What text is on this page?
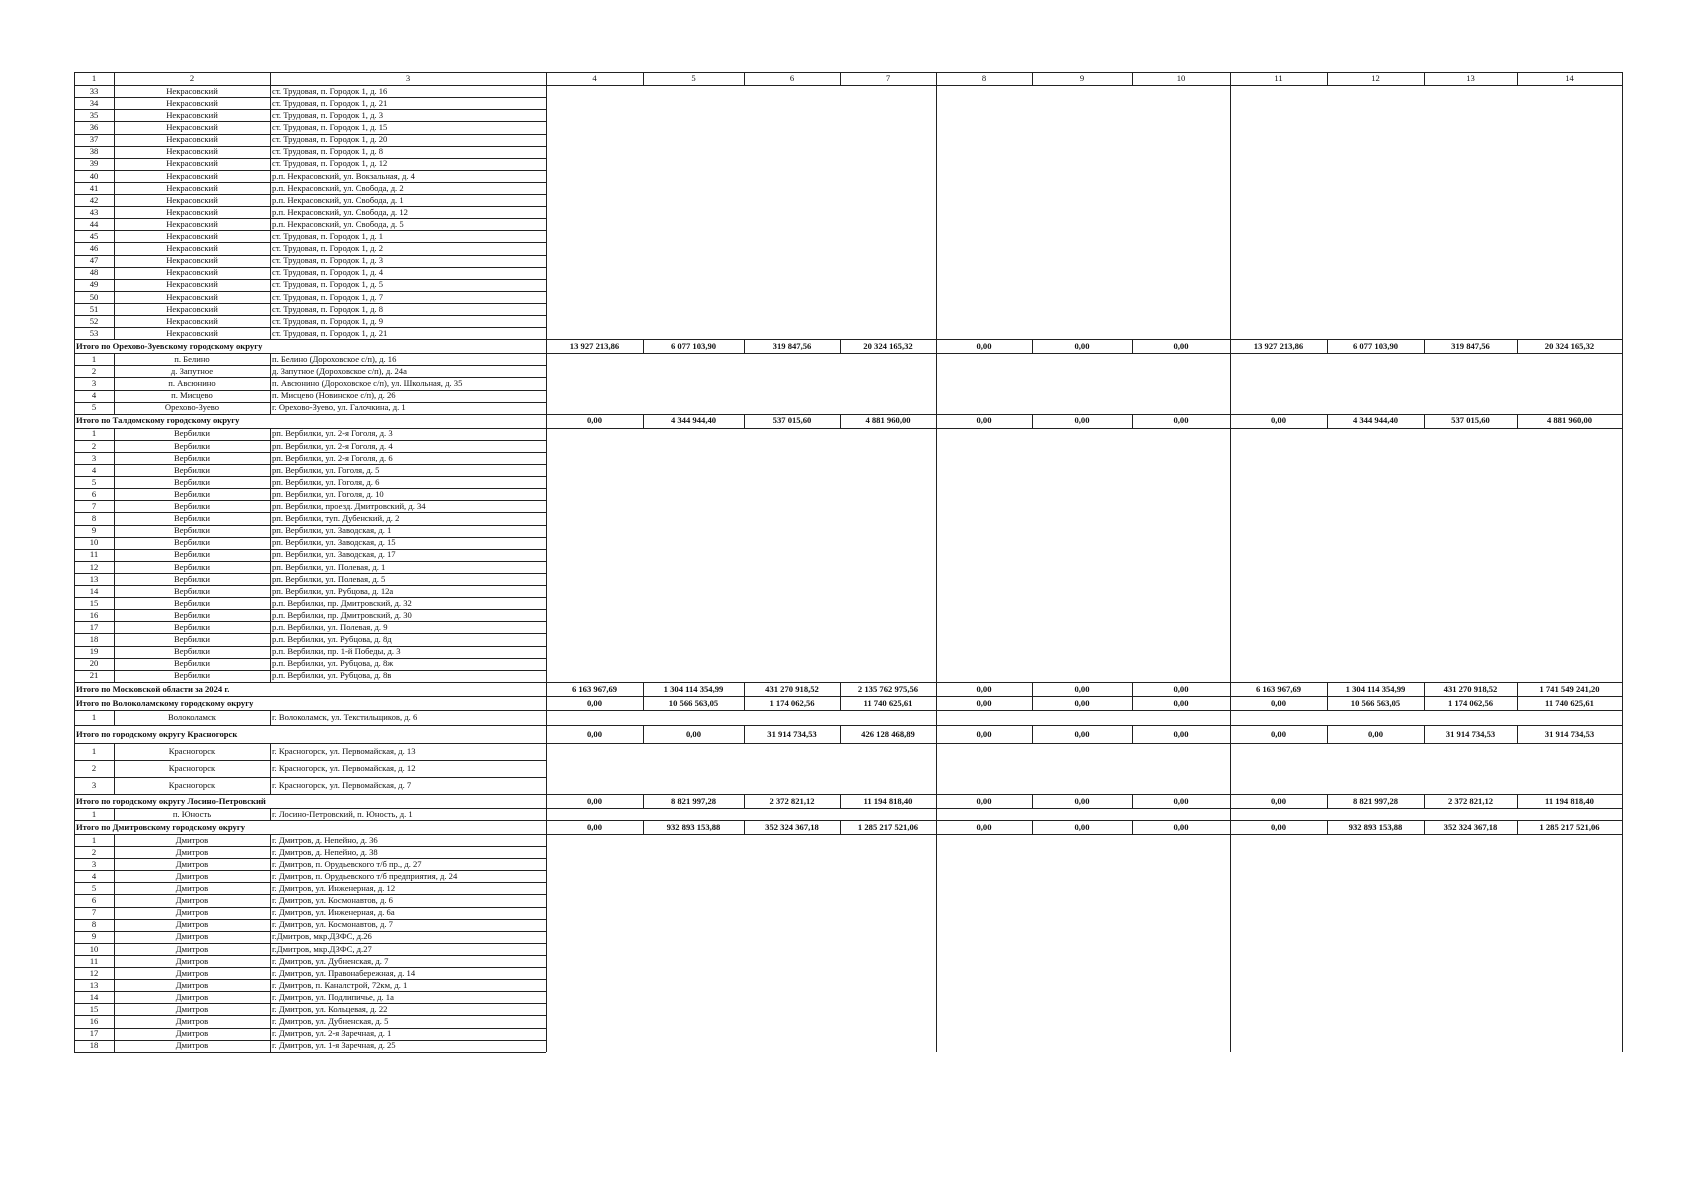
1	2	3	4	5	6	7	8	9	10	11	12	13	14
33	Некрасовский	ст. Трудовая, п. Городок 1, д. 16
34	Некрасовский	ст. Трудовая, п. Городок 1, д. 21
35	Некрасовский	ст. Трудовая, п. Городок 1, д. 3
36	Некрасовский	ст. Трудовая, п. Городок 1, д. 15
37	Некрасовский	ст. Трудовая, п. Городок 1, д. 20
38	Некрасовский	ст. Трудовая, п. Городок 1, д. 8
39	Некрасовский	ст. Трудовая, п. Городок 1, д. 12
40	Некрасовский	р.п. Некрасовский, ул. Вокзальная, д. 4
41	Некрасовский	р.п. Некрасовский, ул. Свобода, д. 2
42	Некрасовский	р.п. Некрасовский, ул. Свобода, д. 1
43	Некрасовский	р.п. Некрасовский, ул. Свобода, д. 12
44	Некрасовский	р.п. Некрасовский, ул. Свобода, д. 5
45	Некрасовский	ст. Трудовая, п. Городок 1, д. 1
46	Некрасовский	ст. Трудовая, п. Городок 1, д. 2
47	Некрасовский	ст. Трудовая, п. Городок 1, д. 3
48	Некрасовский	ст. Трудовая, п. Городок 1, д. 4
49	Некрасовский	ст. Трудовая, п. Городок 1, д. 5
50	Некрасовский	ст. Трудовая, п. Городок 1, д. 7
51	Некрасовский	ст. Трудовая, п. Городок 1, д. 8
52	Некрасовский	ст. Трудовая, п. Городок 1, д. 9
53	Некрасовский	ст. Трудовая, п. Городок 1, д. 21
Итого по Орехово-Зуевскому городскому округу	13 927 213,86	6 077 103,90	319 847,56	20 324 165,32	0,00	0,00	0,00	13 927 213,86	6 077 103,90	319 847,56	20 324 165,32
1	п. Белино	п. Белино (Дороховское с/п), д. 16
2	д. Запутное	д. Запутное (Дороховское с/п), д. 24а
3	п. Авсюнино	п. Авсюнино (Дороховское с/п), ул. Школьная, д. 35
4	п. Мисцево	п. Мисцево (Новинское с/п), д. 26
5	Орехово-Зуево	г. Орехово-Зуево, ул. Галочкина, д. 1
Итого по Талдомскому городскому округу	0,00	4 344 944,40	537 015,60	4 881 960,00	0,00	0,00	0,00	0,00	4 344 944,40	537 015,60	4 881 960,00
1	Вербилки	рп. Вербилки, ул. 2-я Гоголя, д. 3
2	Вербилки	рп. Вербилки, ул. 2-я Гоголя, д. 4
3	Вербилки	рп. Вербилки, ул. 2-я Гоголя, д. 6
4	Вербилки	рп. Вербилки, ул. Гоголя, д. 5
5	Вербилки	рп. Вербилки, ул. Гоголя, д. 6
6	Вербилки	рп. Вербилки, ул. Гоголя, д. 10
7	Вербилки	рп. Вербилки, проезд. Дмитровский, д. 34
8	Вербилки	рп. Вербилки, туп. Дубенский, д. 2
9	Вербилки	рп. Вербилки, ул. Заводская, д. 1
10	Вербилки	рп. Вербилки, ул. Заводская, д. 15
11	Вербилки	рп. Вербилки, ул. Заводская, д. 17
12	Вербилки	рп. Вербилки, ул. Полевая, д. 1
13	Вербилки	рп. Вербилки, ул. Полевая, д. 5
14	Вербилки	рп. Вербилки, ул. Рубцова, д. 12а
15	Вербилки	р.п. Вербилки, пр. Дмитровский, д. 32
16	Вербилки	р.п. Вербилки, пр. Дмитровский, д. 30
17	Вербилки	р.п. Вербилки, ул. Полевая, д. 9
18	Вербилки	р.п. Вербилки, ул. Рубцова, д. 8д
19	Вербилки	р.п. Вербилки, пр. 1-й Победы, д. 3
20	Вербилки	р.п. Вербилки, ул. Рубцова, д. 8ж
21	Вербилки	р.п. Вербилки, ул. Рубцова, д. 8в
Итого по Московской области за 2024 г.	6 163 967,69	1 304 114 354,99	431 270 918,52	2 135 762 975,56	0,00	0,00	0,00	6 163 967,69	1 304 114 354,99	431 270 918,52	1 741 549 241,20
Итого по Волоколамскому городскому округу	0,00	10 566 563,05	1 174 062,56	11 740 625,61	0,00	0,00	0,00	0,00	10 566 563,05	1 174 062,56	11 740 625,61
1	Волоколамск	г. Волоколамск, ул. Текстильщиков, д. 6
Итого по городскому округу Красногорск	0,00	0,00	31 914 734,53	426 128 468,89	0,00	0,00	0,00	0,00	0,00	31 914 734,53	31 914 734,53
1	Красногорск	г. Красногорск, ул. Первомайская, д. 13
2	Красногорск	г. Красногорск, ул. Первомайская, д. 12
3	Красногорск	г. Красногорск, ул. Первомайская, д. 7
Итого по городскому округу Лосино-Петровский	0,00	8 821 997,28	2 372 821,12	11 194 818,40	0,00	0,00	0,00	0,00	8 821 997,28	2 372 821,12	11 194 818,40
1	п. Юность	г. Лосино-Петровский, п. Юность, д. 1
Итого по Дмитровскому городскому округу	0,00	932 893 153,88	352 324 367,18	1 285 217 521,06	0,00	0,00	0,00	0,00	932 893 153,88	352 324 367,18	1 285 217 521,06
1	Дмитров	г. Дмитров, д. Непейно, д. 36
2	Дмитров	г. Дмитров, д. Непейно, д. 38
3	Дмитров	г. Дмитров, п. Орудьевского т/б пр., д. 27
4	Дмитров	г. Дмитров, п. Орудьевского т/б предприятия, д. 24
5	Дмитров	г. Дмитров, ул. Инженерная, д. 12
6	Дмитров	г. Дмитров, ул. Космонавтов, д. 6
7	Дмитров	г. Дмитров, ул. Инженерная, д. 6а
8	Дмитров	г. Дмитров, ул. Космонавтов, д. 7
9	Дмитров	г.Дмитров, мкр.ДЗФС, д.26
10	Дмитров	г.Дмитров, мкр.ДЗФС, д.27
11	Дмитров	г. Дмитров, ул. Дубненская, д. 7
12	Дмитров	г. Дмитров, ул. Правонабережная, д. 14
13	Дмитров	г. Дмитров, п. Каналстрой, 72км, д. 1
14	Дмитров	г. Дмитров, ул. Подлипичье, д. 1а
15	Дмитров	г. Дмитров, ул. Кольцевая, д. 22
16	Дмитров	г. Дмитров, ул. Дубненская, д. 5
17	Дмитров	г. Дмитров, ул. 2-я Заречная, д. 1
18	Дмитров	г. Дмитров, ул. 1-я Заречная, д. 25
